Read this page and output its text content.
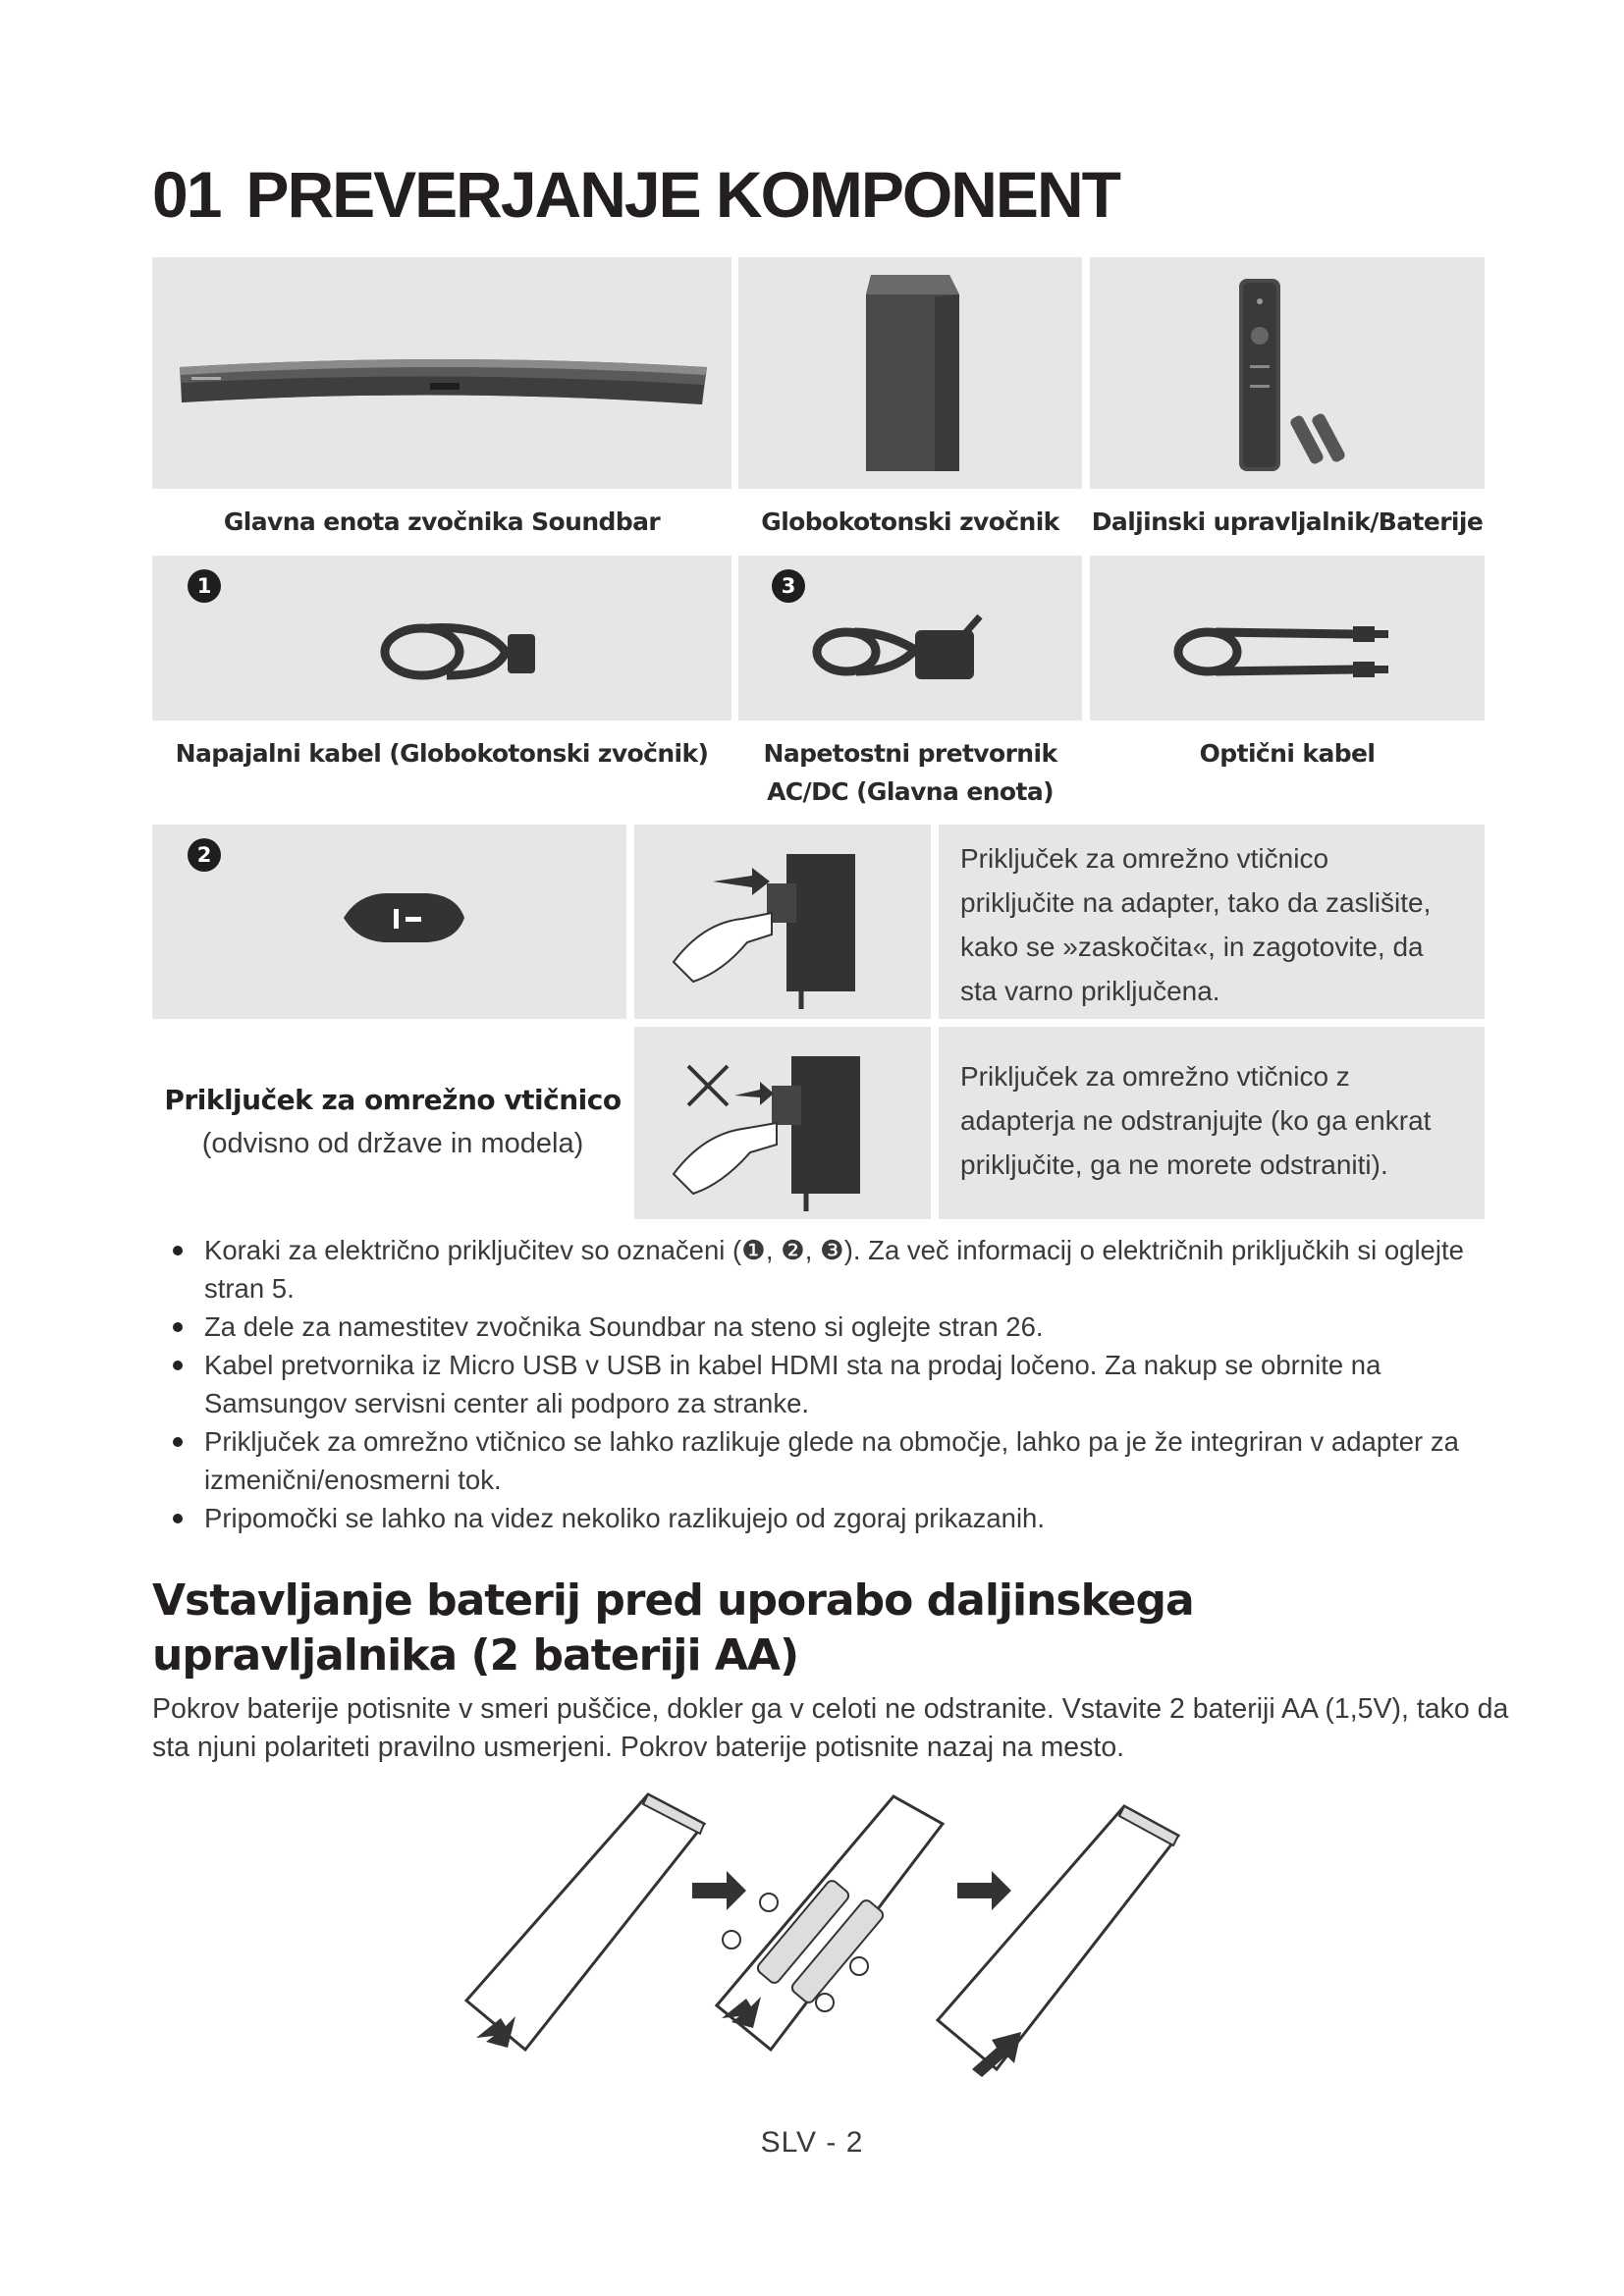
01 PREVERJANJE KOMPONENT
Glavna enota zvočnika Soundbar	Globokotonski zvočnik	Daljinski upravljalnik/Baterije
1	3
Napajalni kabel (Globokotonski zvočnik)	Napetostni pretvornik
AC/DC (Glavna enota)
Optični kabel
2	Priključek za omrežno vtičnico
priključite na adapter, tako da zaslišite,
kako se »zaskočita«, in zagotovite, da
sta varno priključena.
Priključek za omrežno vtičnico
(odvisno od države in modela)
Priključek za omrežno vtičnico z
adapterja ne odstranjujte (ko ga enkrat
priključite, ga ne morete odstraniti).
Koraki za električno priključitev so označeni (❶, ❷, ❸). Za več informacij o električnih priključkih si oglejte stran 5.
Za dele za namestitev zvočnika Soundbar na steno si oglejte stran 26.
Kabel pretvornika iz Micro USB v USB in kabel HDMI sta na prodaj ločeno. Za nakup se obrnite na Samsungov servisni center ali podporo za stranke.
Priključek za omrežno vtičnico se lahko razlikuje glede na območje, lahko pa je že integriran v adapter za izmenični/enosmerni tok.
Pripomočki se lahko na videz nekoliko razlikujejo od zgoraj prikazanih.
Vstavljanje baterij pred uporabo daljinskega upravljalnika (2 bateriji AA)
Pokrov baterije potisnite v smeri puščice, dokler ga v celoti ne odstranite. Vstavite 2 bateriji AA (1,5V), tako da sta njuni polariteti pravilno usmerjeni. Pokrov baterije potisnite nazaj na mesto.
SLV - 2
